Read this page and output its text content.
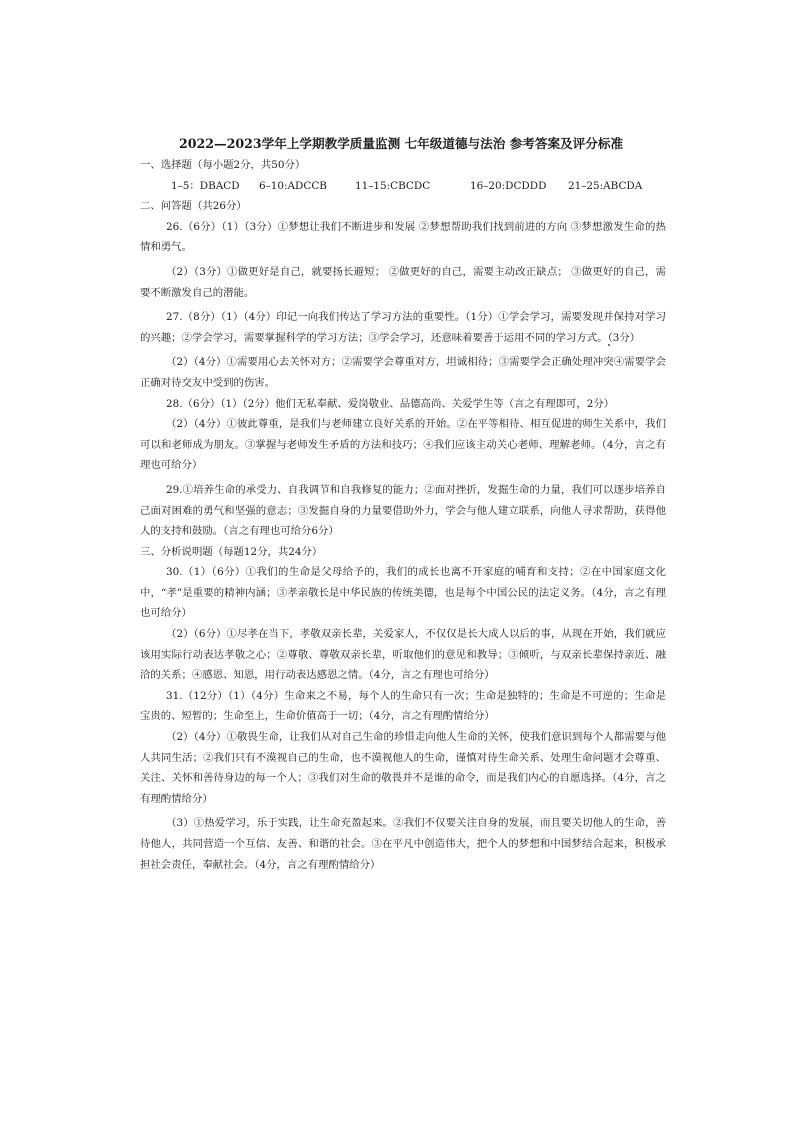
2022—2023学年上学期教学质量监测 七年级道德与法治 参考答案及评分标准
一、选择题（每小题2分，共50分）
1–5：DBACD	6–10:ADCCB	11–15:CBCDC	16–20:DCDDD	21–25:ABCDA
二、问答题（共26分）

26.（6分）（1）（3分）①梦想让我们不断进步和发展 ②梦想帮助我们找到前进的方向 ③梦想激发生命的热情和勇气。

（2）（3分）①做更好是自己，就要扬长避短； ②做更好的自己，需要主动改正缺点； ③做更好的自己，需要不断激发自己的潜能。

27.（8分）（1）（4分）印记一向我们传达了学习方法的重要性。（1分）①学会学习，需要发现并保持对学习的兴趣；②学会学习，需要掌握科学的学习方法；③学会学习，还意味着要善于运用不同的学习方式。（3分）

（2）（4分）①需要用心去关怀对方；②需要学会尊重对方，坦诚相待；③需要学会正确处理冲突④需要学会正确对待交友中受到的伤害。

28.（6分）（1）（2分）他们无私奉献、爱岗敬业、品德高尚、关爱学生等（言之有理即可，2分）

（2）（4分）①彼此尊重，是我们与老师建立良好关系的开始。②在平等相待、相互促进的师生关系中，我们可以和老师成为朋友。③掌握与老师发生矛盾的方法和技巧；④我们应该主动关心老师、理解老师。（4分，言之有理也可给分）

29.①培养生命的承受力、自我调节和自我修复的能力；②面对挫折，发掘生命的力量，我们可以逐步培养自己面对困难的勇气和坚强的意志；③发掘自身的力量要借助外力，学会与他人建立联系，向他人寻求帮助，获得他人的支持和鼓励。（言之有理也可给分6分）

三、分析说明题（每题12分，共24分）

30.（1）（6分）①我们的生命是父母给予的，我们的成长也离不开家庭的哺育和支持；②在中国家庭文化中，“孝”是重要的精神内涵；③孝亲敬长是中华民族的传统美德，也是每个中国公民的法定义务。（4分，言之有理也可给分）

（2）（6分）①尽孝在当下，孝敬双亲长辈，关爱家人，不仅仅是长大成人以后的事，从现在开始，我们就应该用实际行动表达孝敬之心；②尊敬、尊敬双亲长辈，听取他们的意见和教导；③倾听，与双亲长辈保持亲近、融洽的关系；④感恩、知恩，用行动表达感恩之情。（4分，言之有理也可给分）

31.（12分）（1）（4分）生命来之不易，每个人的生命只有一次；生命是独特的；生命是不可逆的；生命是宝贵的、短暂的；生命至上，生命价值高于一切；（4分，言之有理酌情给分）

（2）（4分）①敬畏生命，让我们从对自己生命的珍惜走向他人生命的关怀，使我们意识到每个人都需要与他人共同生活；②我们只有不漠视自己的生命，也不漠视他人的生命，谨慎对待生命关系、处理生命问题才会尊重、关注、关怀和善待身边的每一个人；③我们对生命的敬畏并不是谁的命令，而是我们内心的自愿选择。（4分，言之有理酌情给分）

（3）①热爱学习，乐于实践，让生命充盈起来。②我们不仅要关注自身的发展，而且要关切他人的生命，善待他人，共同营造一个互信、友善、和谐的社会。③在平凡中创造伟大，把个人的梦想和中国梦结合起来，积极承担社会责任，奉献社会。（4分，言之有理酌情给分）
